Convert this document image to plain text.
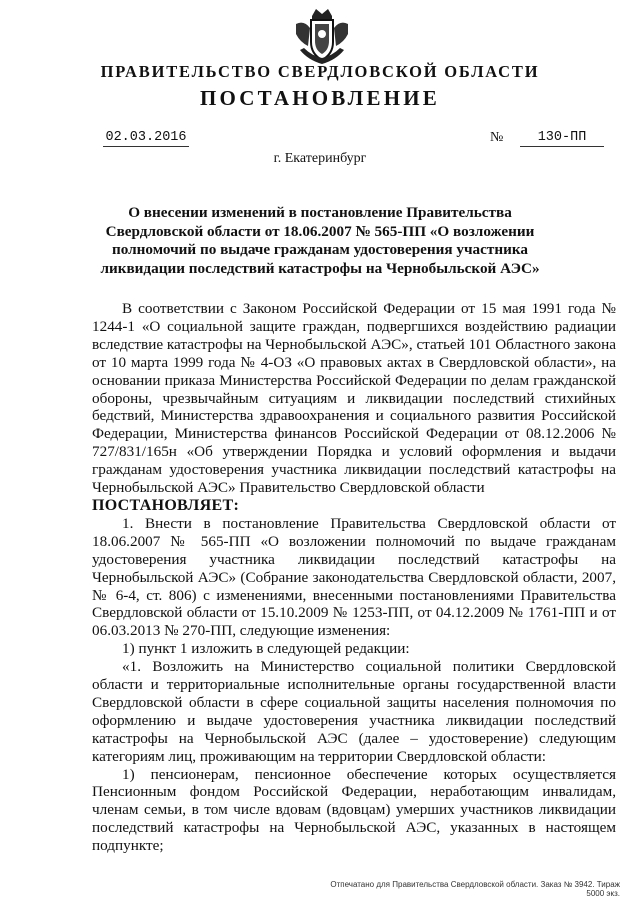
ПРАВИТЕЛЬСТВО СВЕРДЛОВСКОЙ ОБЛАСТИ
ПОСТАНОВЛЕНИЕ
02.03.2016	№	130-ПП
г. Екатеринбург
О внесении изменений в постановление Правительства Свердловской области от 18.06.2007 № 565-ПП «О возложении полномочий по выдаче гражданам удостоверения участника ликвидации последствий катастрофы на Чернобыльской АЭС»

В соответствии с Законом Российской Федерации от 15 мая 1991 года № 1244-1 «О социальной защите граждан, подвергшихся воздействию радиации вследствие катастрофы на Чернобыльской АЭС», статьей 101 Областного закона от 10 марта 1999 года № 4-ОЗ «О правовых актах в Свердловской области», на основании приказа Министерства Российской Федерации по делам гражданской обороны, чрезвычайным ситуациям и ликвидации последствий стихийных бедствий, Министерства здравоохранения и социального развития Российской Федерации, Министерства финансов Российской Федерации от 08.12.2006 № 727/831/165н «Об утверждении Порядка и условий оформления и выдачи гражданам удостоверения участника ликвидации последствий катастрофы на Чернобыльской АЭС» Правительство Свердловской области

ПОСТАНОВЛЯЕТ:

1. Внести в постановление Правительства Свердловской области от 18.06.2007 № 565-ПП «О возложении полномочий по выдаче гражданам удостоверения участника ликвидации последствий катастрофы на Чернобыльской АЭС» (Собрание законодательства Свердловской области, 2007, № 6-4, ст. 806) с изменениями, внесенными постановлениями Правительства Свердловской области от 15.10.2009 № 1253-ПП, от 04.12.2009 № 1761-ПП и от 06.03.2013 № 270-ПП, следующие изменения:

1) пункт 1 изложить в следующей редакции:

«1. Возложить на Министерство социальной политики Свердловской области и территориальные исполнительные органы государственной власти Свердловской области в сфере социальной защиты населения полномочия по оформлению и выдаче удостоверения участника ликвидации последствий катастрофы на Чернобыльской АЭС (далее – удостоверение) следующим категориям лиц, проживающим на территории Свердловской области:

1) пенсионерам, пенсионное обеспечение которых осуществляется Пенсионным фондом Российской Федерации, неработающим инвалидам, членам семьи, в том числе вдовам (вдовцам) умерших участников ликвидации последствий катастрофы на Чернобыльской АЭС, указанных в настоящем подпункте;

Отпечатано для Правительства Свердловской области. Заказ № 3942. Тираж 5000 экз.
